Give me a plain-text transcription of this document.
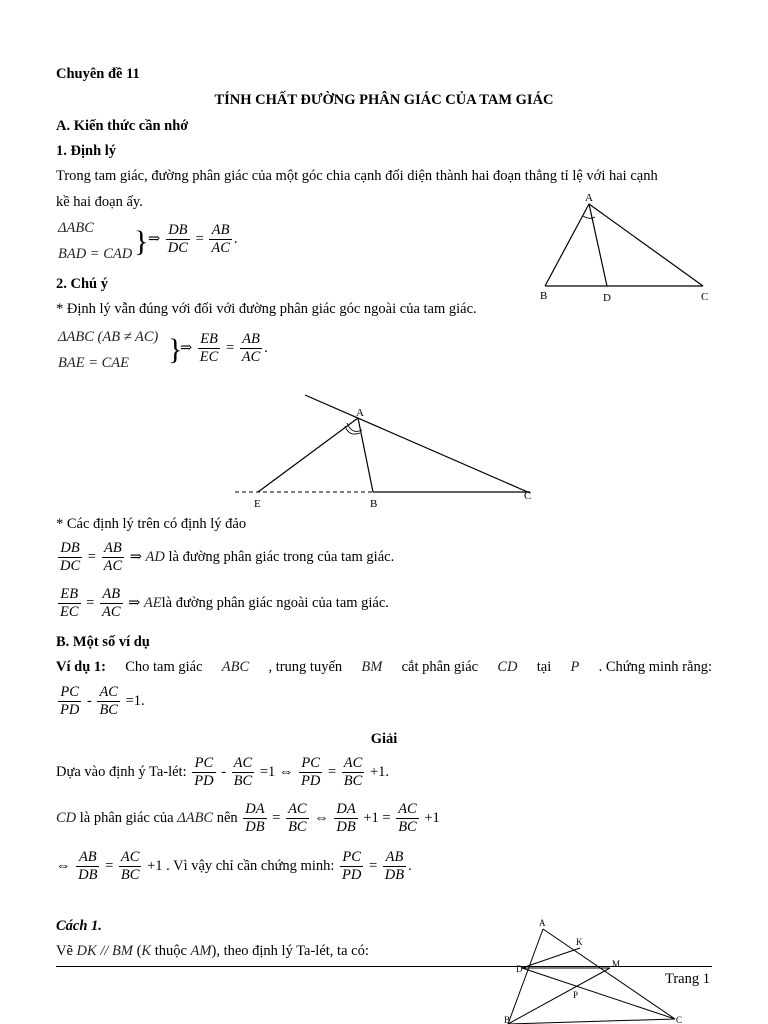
Chuyên đề 11
TÍNH CHẤT ĐƯỜNG PHÂN GIÁC CỦA TAM GIÁC
A. Kiến thức cần nhớ
1. Định lý
Trong tam giác, đường phân giác của một góc chia cạnh đối diện thành hai đoạn thẳng tỉ lệ với hai cạnh
kề hai đoạn ấy.
ΔABC
BAD = CAD } ⇒ $\frac{DB}{DC} = \frac{AB}{AC}$ .
A
B	D	C
2. Chú ý
* Định lý vẫn đúng với đối với đường phân giác góc ngoài của tam giác.
ΔABC (AB ≠ AC)
BAE = CAE }
⇒ $\frac{EB}{EC} = \frac{AB}{AC}$ .
A
E	B
C
* Các định lý trên có định lý đảo
$\frac{DB}{DC} = \frac{AB}{AC}$ ⇒ AD là đường phân giác trong của tam giác.
$\frac{EB}{EC} = \frac{AB}{AC}$ ⇒ AElà đường phân giác ngoài của tam giác.
B. Một số ví dụ
Ví dụ 1: Cho tam giác ABC , trung tuyến BM cắt phân giác CD tại P . Chứng minh rằng:
$\frac{PC}{PD} - \frac{AC}{BC} =1$.
Giải
Dựa vào định ý Ta-lét: $\frac{PC}{PD} - \frac{AC}{BC} =1$ ⇔ $\frac{PC}{PD} = \frac{AC}{BC} +1$.
CD là phân giác của ΔABC nên $\frac{DA}{DB} = \frac{AC}{BC}$ ⇔ $\frac{DA}{DB} +1 = \frac{AC}{BC} +1$
⇔ $\frac{AB}{DB} = \frac{AC}{BC} +1$ . Vì vậy chỉ cần chứng minh: $\frac{PC}{PD} = \frac{AB}{DB}$ .
Cách 1.
Vẽ DK // BM (K thuộc AM), theo định lý Ta-lét, ta có:
A
K
M
D
P
B	C
Trang 1
